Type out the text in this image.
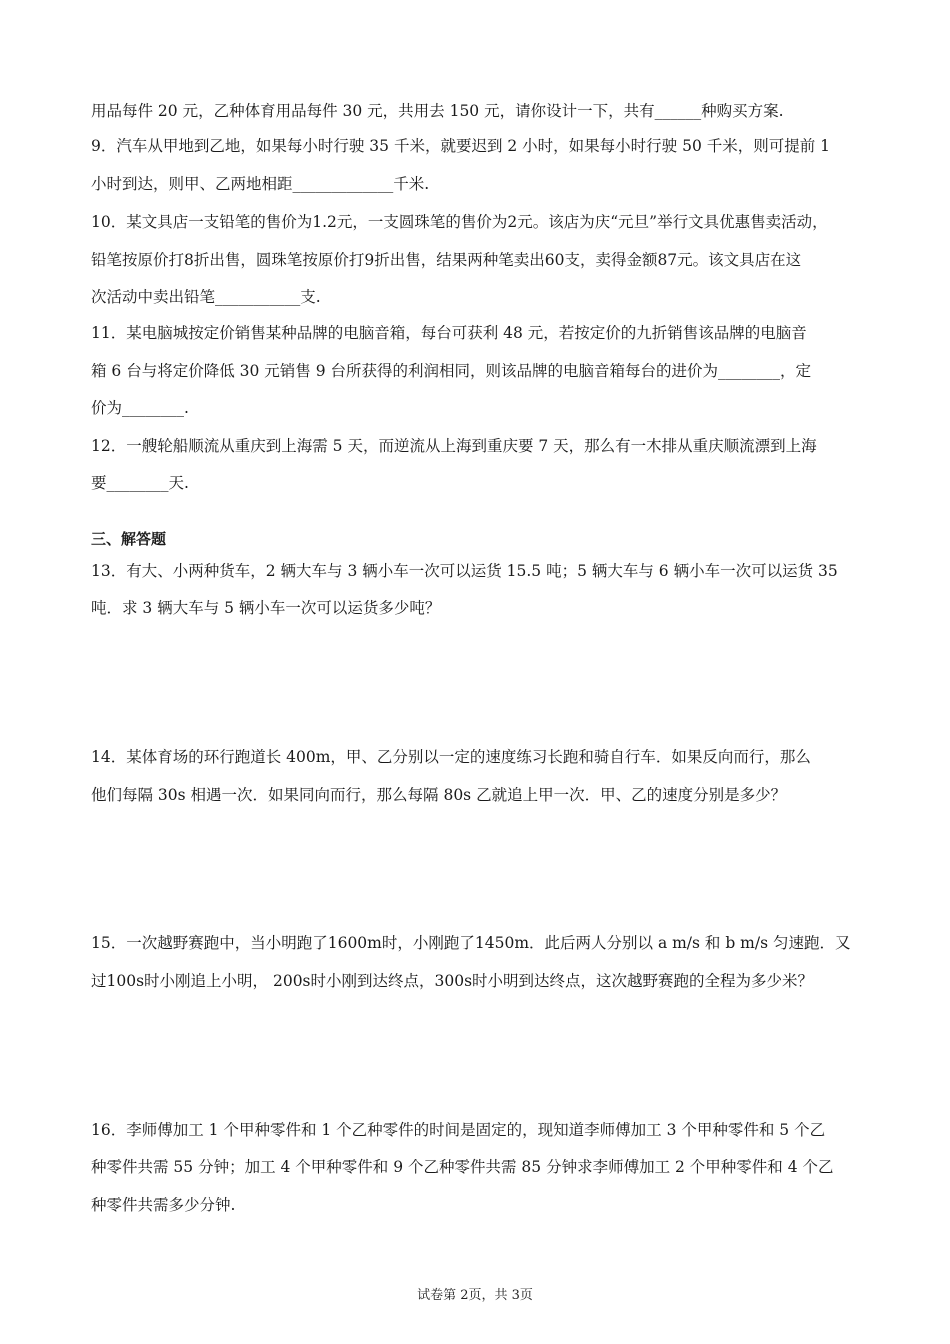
用品每件 20 元，乙种体育用品每件 30 元，共用去 150 元，请你设计一下，共有______种购买方案.
9．汽车从甲地到乙地，如果每小时行驶 35 千米，就要迟到 2 小时，如果每小时行驶 50 千米，则可提前 1
小时到达，则甲、乙两地相距_____________千米.
10．某文具店一支铅笔的售价为1.2元，一支圆珠笔的售价为2元。该店为庆“元旦”举行文具优惠售卖活动，
铅笔按原价打8折出售，圆珠笔按原价打9折出售，结果两种笔卖出60支，卖得金额87元。该文具店在这
次活动中卖出铅笔___________支.
11．某电脑城按定价销售某种品牌的电脑音箱，每台可获利 48 元，若按定价的九折销售该品牌的电脑音
箱 6 台与将定价降低 30 元销售 9 台所获得的利润相同，则该品牌的电脑音箱每台的进价为________，定
价为________.
12．一艘轮船顺流从重庆到上海需 5 天，而逆流从上海到重庆要 7 天，那么有一木排从重庆顺流漂到上海
要________天.
三、解答题
13．有大、小两种货车，2 辆大车与 3 辆小车一次可以运货 15.5 吨；5 辆大车与 6 辆小车一次可以运货 35
吨．求 3 辆大车与 5 辆小车一次可以运货多少吨？
14．某体育场的环行跑道长 400m，甲、乙分别以一定的速度练习长跑和骑自行车．如果反向而行，那么
他们每隔 30s 相遇一次．如果同向而行，那么每隔 80s 乙就追上甲一次．甲、乙的速度分别是多少？
15．一次越野赛跑中，当小明跑了1600m时，小刚跑了1450m．此后两人分别以 a m/s 和 b m/s 匀速跑．又
过100s时小刚追上小明， 200s时小刚到达终点，300s时小明到达终点，这次越野赛跑的全程为多少米？
16．李师傅加工 1 个甲种零件和 1 个乙种零件的时间是固定的，现知道李师傅加工 3 个甲种零件和 5 个乙
种零件共需 55 分钟；加工 4 个甲种零件和 9 个乙种零件共需 85 分钟求李师傅加工 2 个甲种零件和 4 个乙
种零件共需多少分钟.
试卷第 2页，共 3页
